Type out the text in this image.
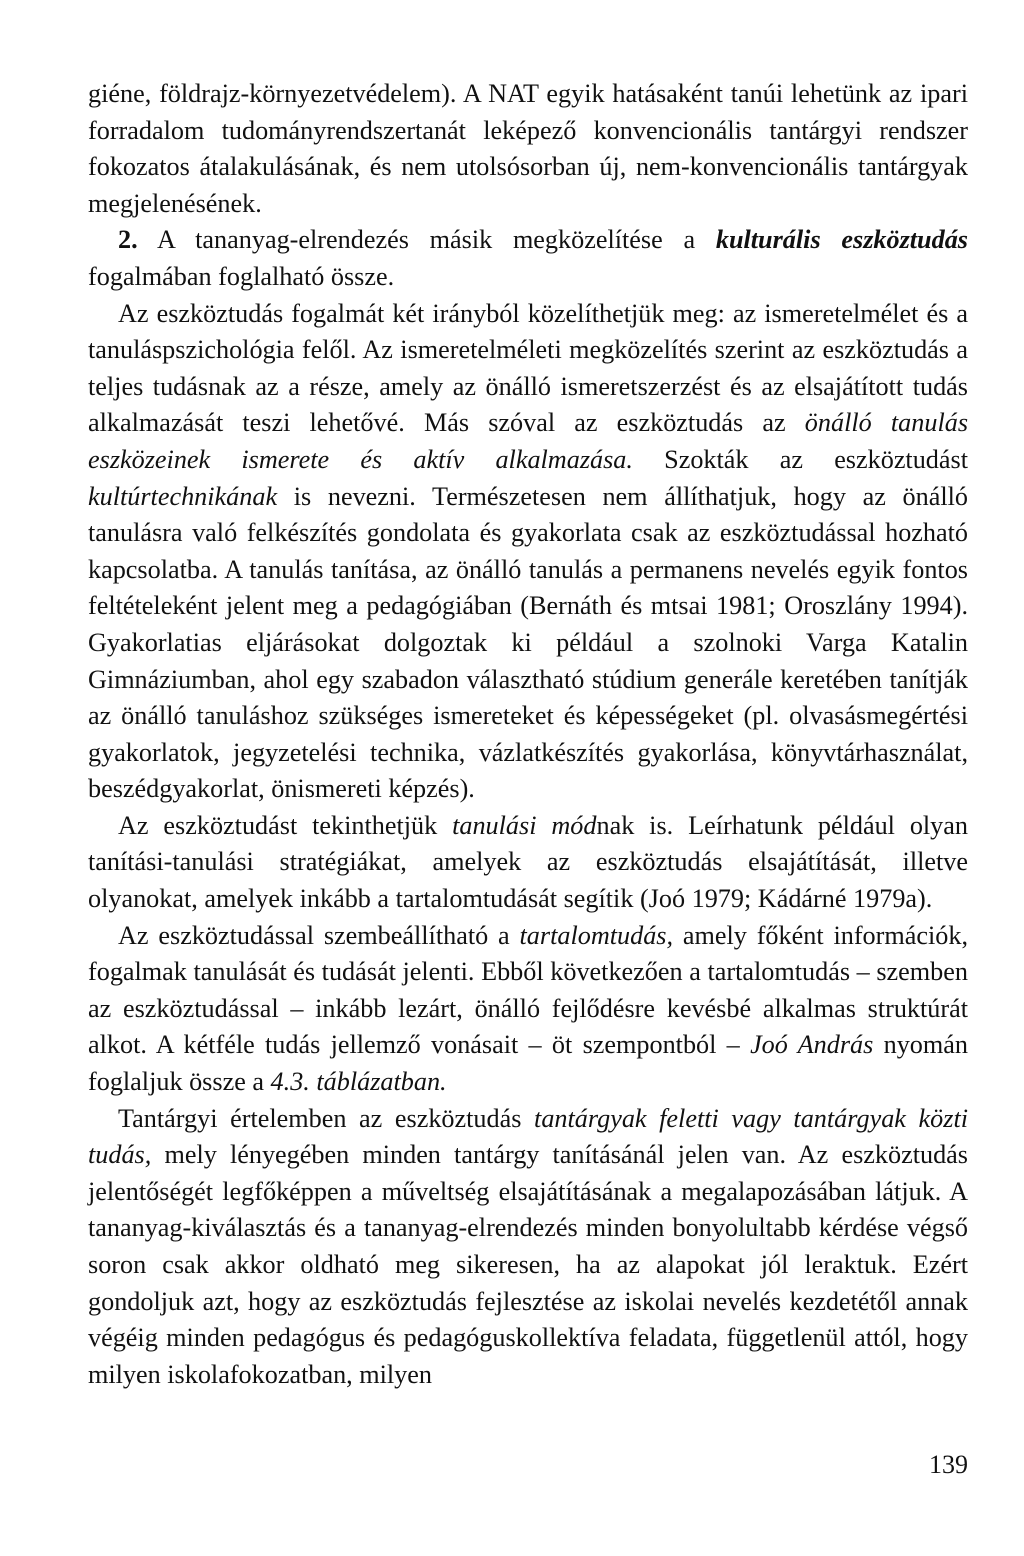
giéne, földrajz-környezetvédelem). A NAT egyik hatásaként tanúi lehetünk az ipari forradalom tudományrendszertanát leképező konvencionális tantárgyi rendszer fokozatos átalakulásának, és nem utolsósorban új, nem-konvencionális tantárgyak megjelenésének.

2. A tananyag-elrendezés másik megközelítése a kulturális eszköztudás fogalmában foglalható össze.

Az eszköztudás fogalmát két irányból közelíthetjük meg: az ismeretelmélet és a tanuláspszichológia felől. Az ismeretelméleti megközelítés szerint az eszköztudás a teljes tudásnak az a része, amely az önálló ismeretszerzést és az elsajátított tudás alkalmazását teszi lehetővé. Más szóval az eszköztudás az önálló tanulás eszközeinek ismerete és aktív alkalmazása. Szokták az eszköztudást kultúrtechnikának is nevezni. Természetesen nem állíthatjuk, hogy az önálló tanulásra való felkészítés gondolata és gyakorlata csak az eszköztudással hozható kapcsolatba. A tanulás tanítása, az önálló tanulás a permanens nevelés egyik fontos feltételeként jelent meg a pedagógiában (Bernáth és mtsai 1981; Oroszlány 1994). Gyakorlatias eljárásokat dolgoztak ki például a szolnoki Varga Katalin Gimnáziumban, ahol egy szabadon választható stúdium generále keretében tanítják az önálló tanuláshoz szükséges ismereteket és képességeket (pl. olvasásmegértési gyakorlatok, jegyzetelési technika, vázlatkészítés gyakorlása, könyvtárhasználat, beszédgyakorlat, önismereti képzés).

Az eszköztudást tekinthetjük tanulási módnak is. Leírhatunk például olyan tanítási-tanulási stratégiákat, amelyek az eszköztudás elsajátítását, illetve olyanokat, amelyek inkább a tartalomtudását segítik (Joó 1979; Kádárné 1979a).

Az eszköztudással szembeállítható a tartalomtudás, amely főként információk, fogalmak tanulását és tudását jelenti. Ebből következően a tartalomtudás – szemben az eszköztudással – inkább lezárt, önálló fejlődésre kevésbé alkalmas struktúrát alkot. A kétféle tudás jellemző vonásait – öt szempontból – Joó András nyomán foglaljuk össze a 4.3. táblázatban.

Tantárgyi értelemben az eszköztudás tantárgyak feletti vagy tantárgyak közti tudás, mely lényegében minden tantárgy tanításánál jelen van. Az eszköztudás jelentőségét legfőképpen a műveltség elsajátításának a megalapozásában látjuk. A tananyag-kiválasztás és a tananyag-elrendezés minden bonyolultabb kérdése végső soron csak akkor oldható meg sikeresen, ha az alapokat jól leraktuk. Ezért gondoljuk azt, hogy az eszköztudás fejlesztése az iskolai nevelés kezdetétől annak végéig minden pedagógus és pedagóguskollektíva feladata, függetlenül attól, hogy milyen iskolafokozatban, milyen

139
